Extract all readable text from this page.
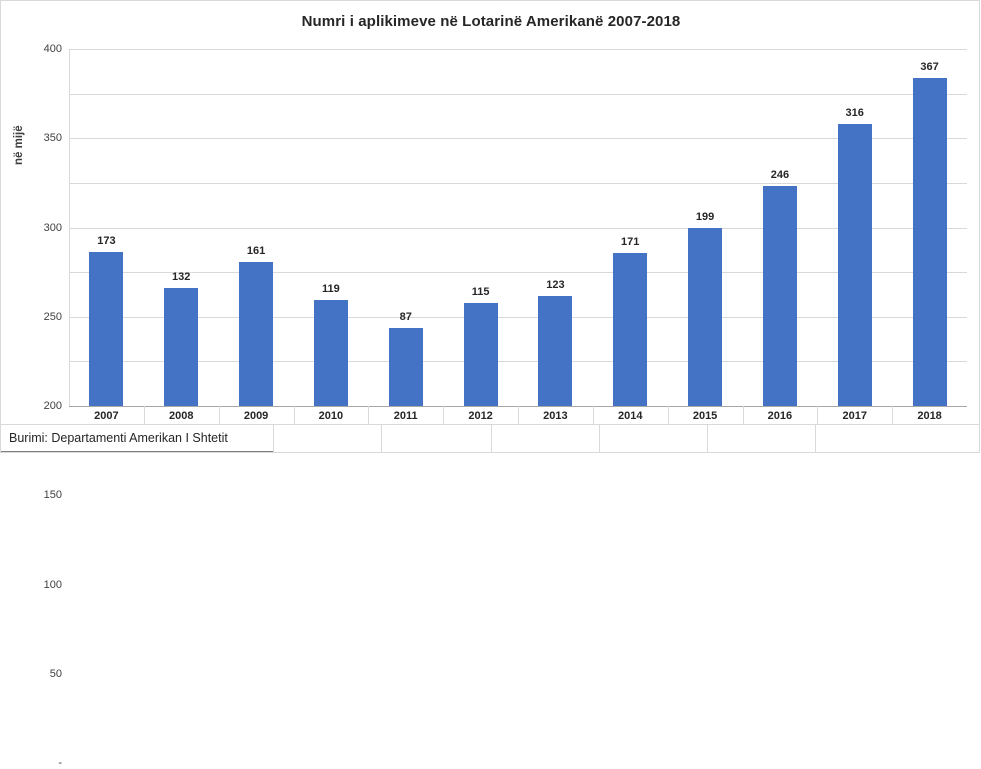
Numri i aplikimeve në Lotarinë Amerikanë 2007-2018
në mijë
-
50
100
150
200
250
300
350
400
173
132
161
119
87
115
123
171
199
246
316
367
2007	2008	2009	2010	2011	2012	2013	2014	2015	2016	2017	2018
Burimi: Departamenti Amerikan I Shtetit
